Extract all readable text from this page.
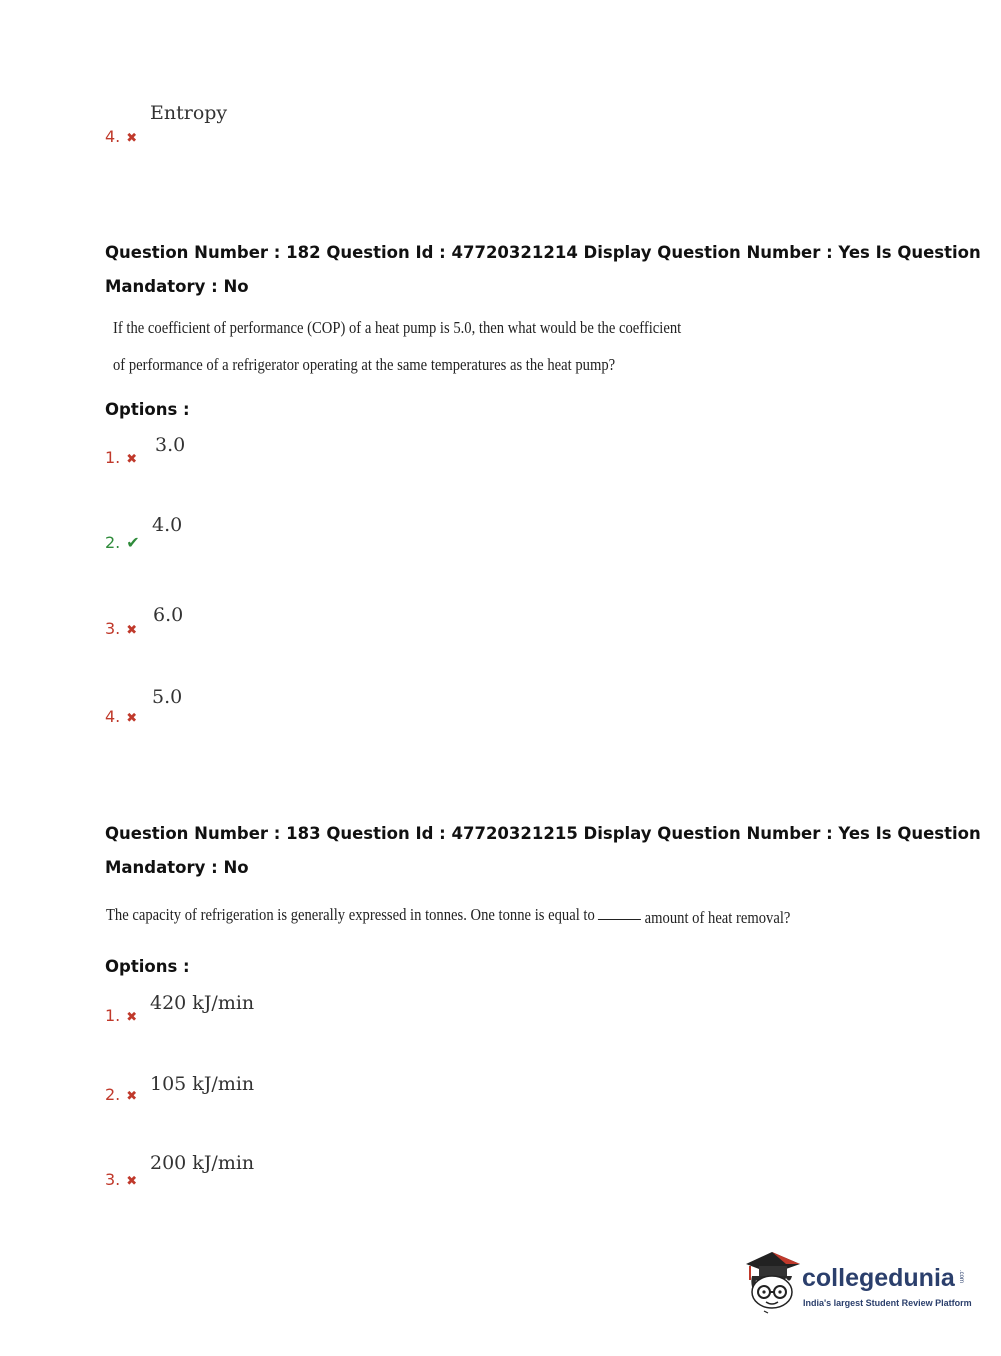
Entropy
4. ✖
Question Number : 182 Question Id : 47720321214 Display Question Number : Yes Is Question
Mandatory : No
If the coefficient of performance (COP) of a heat pump is 5.0, then what would be the coefficient
of performance of a refrigerator operating at the same temperatures as the heat pump?
Options :
3.0
1. ✖
4.0
2. ✔
6.0
3. ✖
5.0
4. ✖
Question Number : 183 Question Id : 47720321215 Display Question Number : Yes Is Question
Mandatory : No
The capacity of refrigeration is generally expressed in tonnes. One tonne is equal to	amount of heat removal?
Options :
420 kJ/min
1. ✖
105 kJ/min
2. ✖
200 kJ/min
3. ✖
collegedunia .com
India's largest Student Review Platform
